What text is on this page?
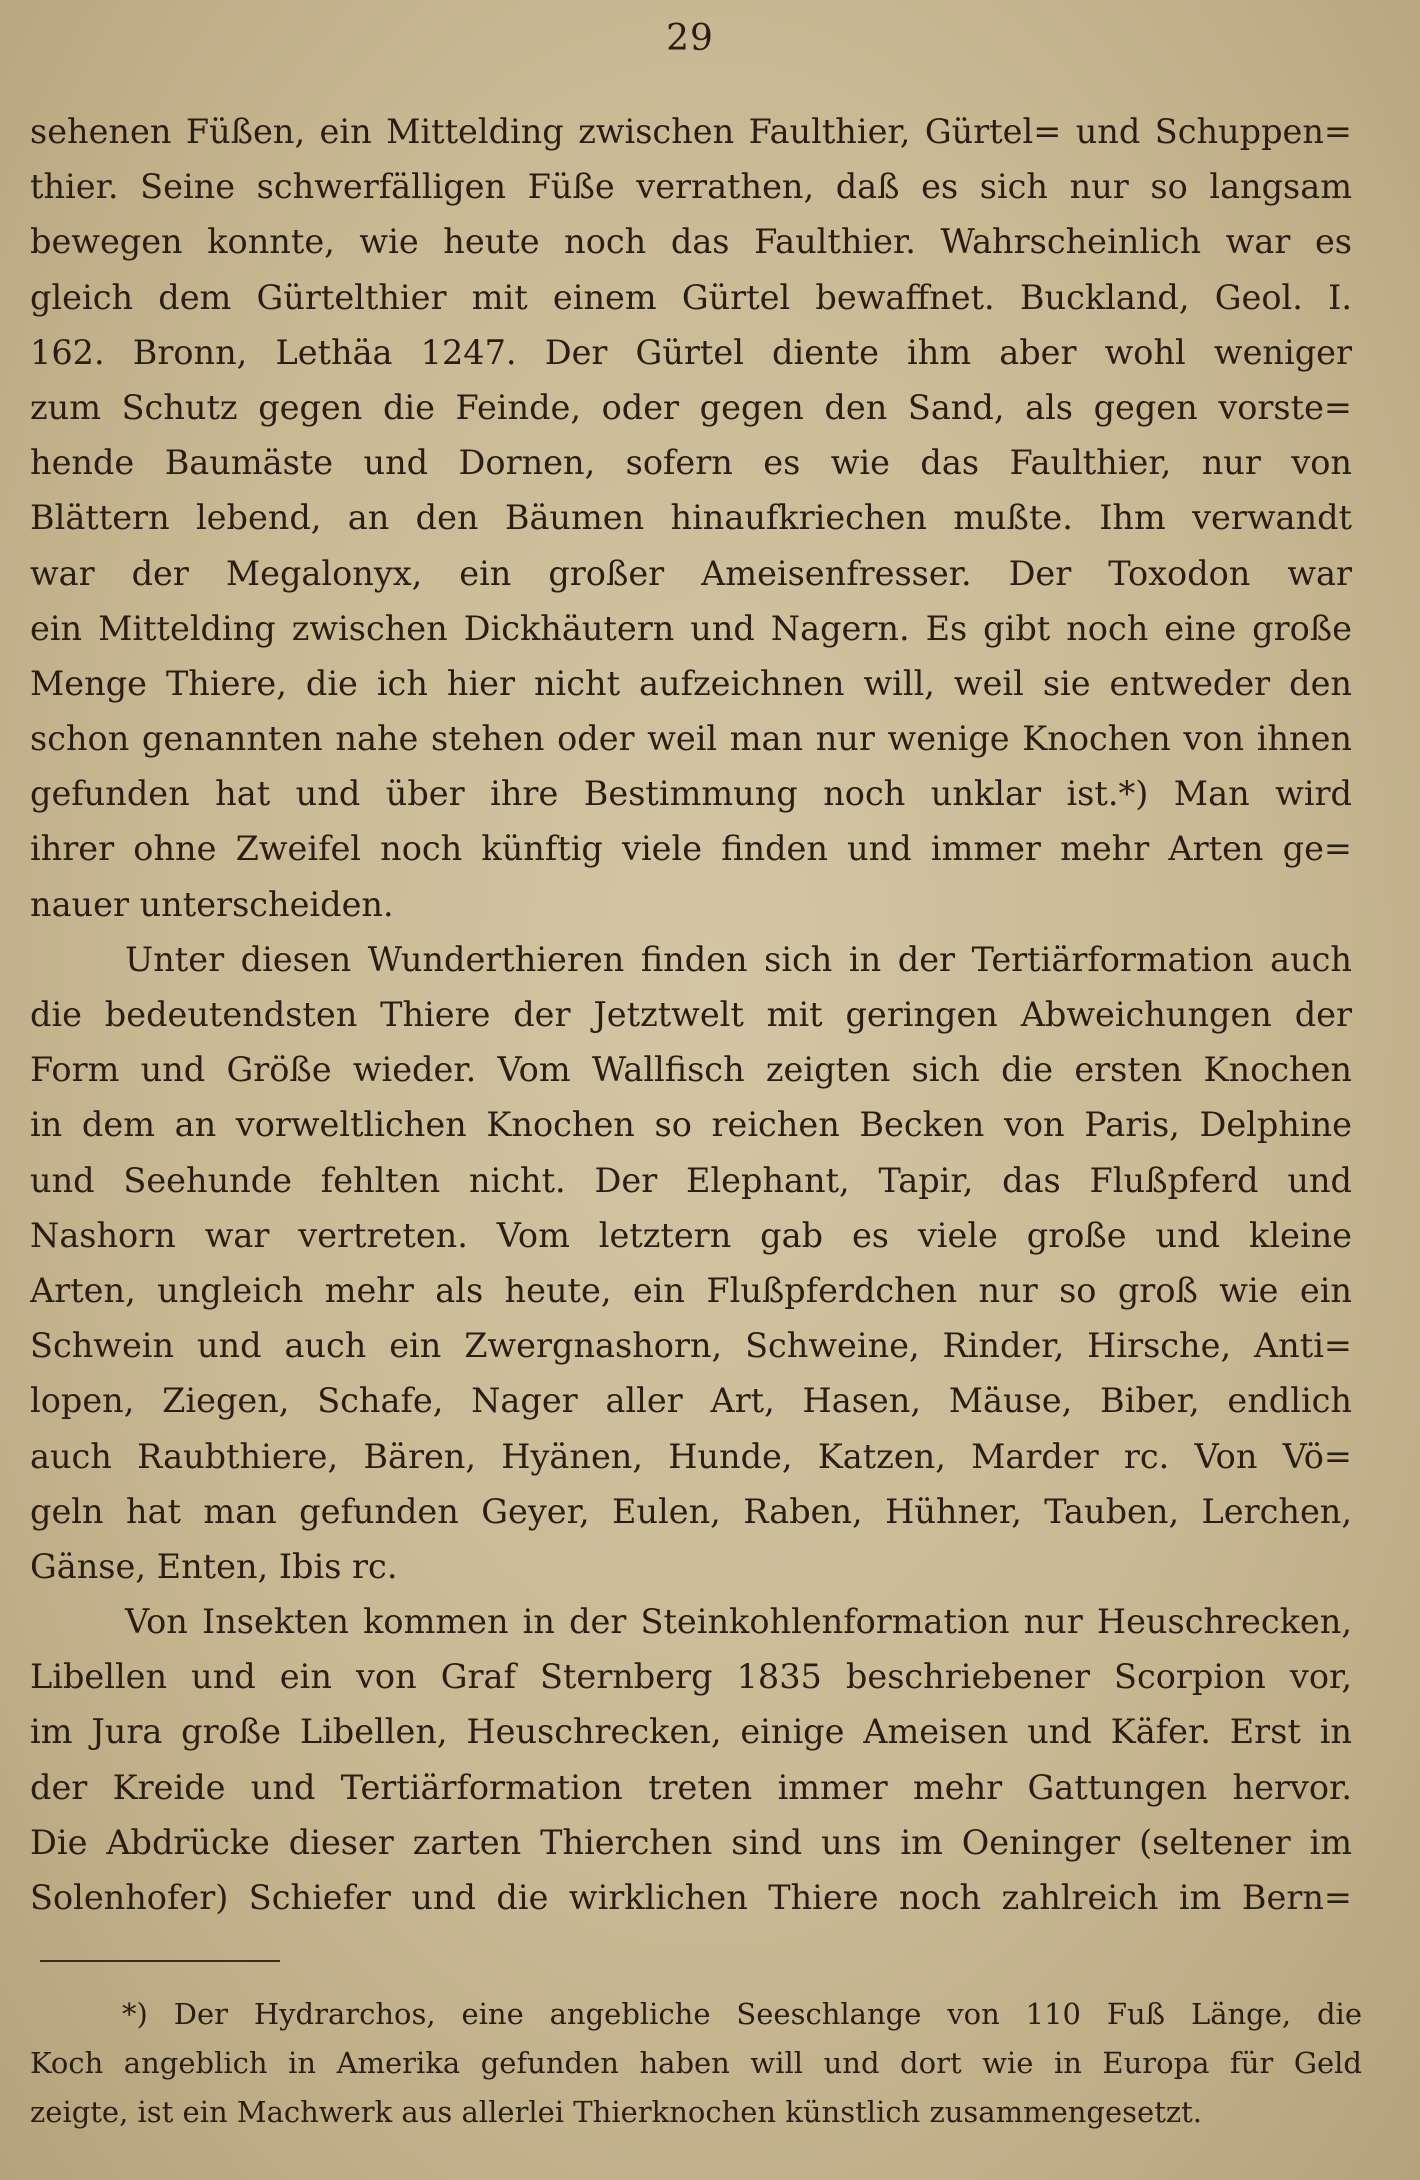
29
sehenen Füßen, ein Mittelding zwischen Faulthier, Gürtel= und Schuppen=
thier. Seine schwerfälligen Füße verrathen, daß es sich nur so langsam
bewegen konnte, wie heute noch das Faulthier. Wahrscheinlich war es
gleich dem Gürtelthier mit einem Gürtel bewaffnet. Buckland, Geol. I.
162. Bronn, Lethäa 1247. Der Gürtel diente ihm aber wohl weniger
zum Schutz gegen die Feinde, oder gegen den Sand, als gegen vorste=
hende Baumäste und Dornen, sofern es wie das Faulthier, nur von
Blättern lebend, an den Bäumen hinaufkriechen mußte. Ihm verwandt
war der Megalonyx, ein großer Ameisenfresser. Der Toxodon war
ein Mittelding zwischen Dickhäutern und Nagern. Es gibt noch eine große
Menge Thiere, die ich hier nicht aufzeichnen will, weil sie entweder den
schon genannten nahe stehen oder weil man nur wenige Knochen von ihnen
gefunden hat und über ihre Bestimmung noch unklar ist.*) Man wird
ihrer ohne Zweifel noch künftig viele finden und immer mehr Arten ge=
nauer unterscheiden.
Unter diesen Wunderthieren finden sich in der Tertiärformation auch
die bedeutendsten Thiere der Jetztwelt mit geringen Abweichungen der
Form und Größe wieder. Vom Wallfisch zeigten sich die ersten Knochen
in dem an vorweltlichen Knochen so reichen Becken von Paris, Delphine
und Seehunde fehlten nicht. Der Elephant, Tapir, das Flußpferd und
Nashorn war vertreten. Vom letztern gab es viele große und kleine
Arten, ungleich mehr als heute, ein Flußpferdchen nur so groß wie ein
Schwein und auch ein Zwergnashorn, Schweine, Rinder, Hirsche, Anti=
lopen, Ziegen, Schafe, Nager aller Art, Hasen, Mäuse, Biber, endlich
auch Raubthiere, Bären, Hyänen, Hunde, Katzen, Marder rc. Von Vö=
geln hat man gefunden Geyer, Eulen, Raben, Hühner, Tauben, Lerchen,
Gänse, Enten, Ibis rc.
Von Insekten kommen in der Steinkohlenformation nur Heuschrecken,
Libellen und ein von Graf Sternberg 1835 beschriebener Scorpion vor,
im Jura große Libellen, Heuschrecken, einige Ameisen und Käfer. Erst in
der Kreide und Tertiärformation treten immer mehr Gattungen hervor.
Die Abdrücke dieser zarten Thierchen sind uns im Oeninger (seltener im
Solenhofer) Schiefer und die wirklichen Thiere noch zahlreich im Bern=
*) Der Hydrarchos, eine angebliche Seeschlange von 110 Fuß Länge, die
Koch angeblich in Amerika gefunden haben will und dort wie in Europa für Geld
zeigte, ist ein Machwerk aus allerlei Thierknochen künstlich zusammengesetzt.
